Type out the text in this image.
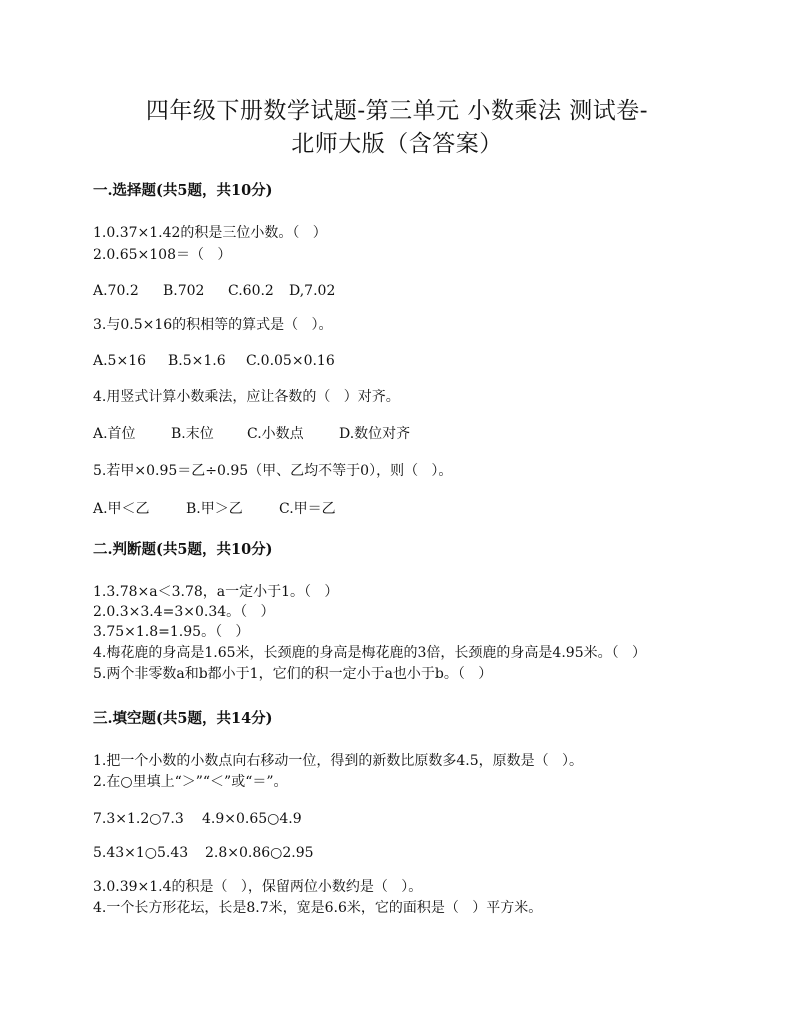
四年级下册数学试题-第三单元 小数乘法 测试卷-
北师大版（含答案）
一.选择题(共5题，共10分)
1.0.37×1.42的积是三位小数。（   ）
2.0.65×108＝（   ）
A.70.2 B.702 C.60.2 D,7.02
3.与0.5×16的积相等的算式是（   ）。
A.5×16 B.5×1.6 C.0.05×0.16
4.用竖式计算小数乘法，应让各数的（   ）对齐。
A.首位	B.末位 C.小数点	D.数位对齐
5.若甲×0.95＝乙÷0.95（甲、乙均不等于0），则（   ）。
A.甲＜乙	B.甲＞乙	C.甲＝乙
二.判断题(共5题，共10分)
1.3.78×a＜3.78，a一定小于1。（   ）
2.0.3×3.4=3×0.34。（   ）
3.75×1.8=1.95。（   ）
4.梅花鹿的身高是1.65米，长颈鹿的身高是梅花鹿的3倍，长颈鹿的身高是4.95米。（   ）
5.两个非零数a和b都小于1，它们的积一定小于a也小于b。（   ）
三.填空题(共5题，共14分)
1.把一个小数的小数点向右移动一位，得到的新数比原数多4.5，原数是（   ）。
2.在○里填上“＞”“＜”或“＝”。
7.3×1.2○7.3 4.9×0.65○4.9
5.43×1○5.43 2.8×0.86○2.95
3.0.39×1.4的积是（   ），保留两位小数约是（   ）。
4.一个长方形花坛，长是8.7米，宽是6.6米，它的面积是（   ）平方米。
